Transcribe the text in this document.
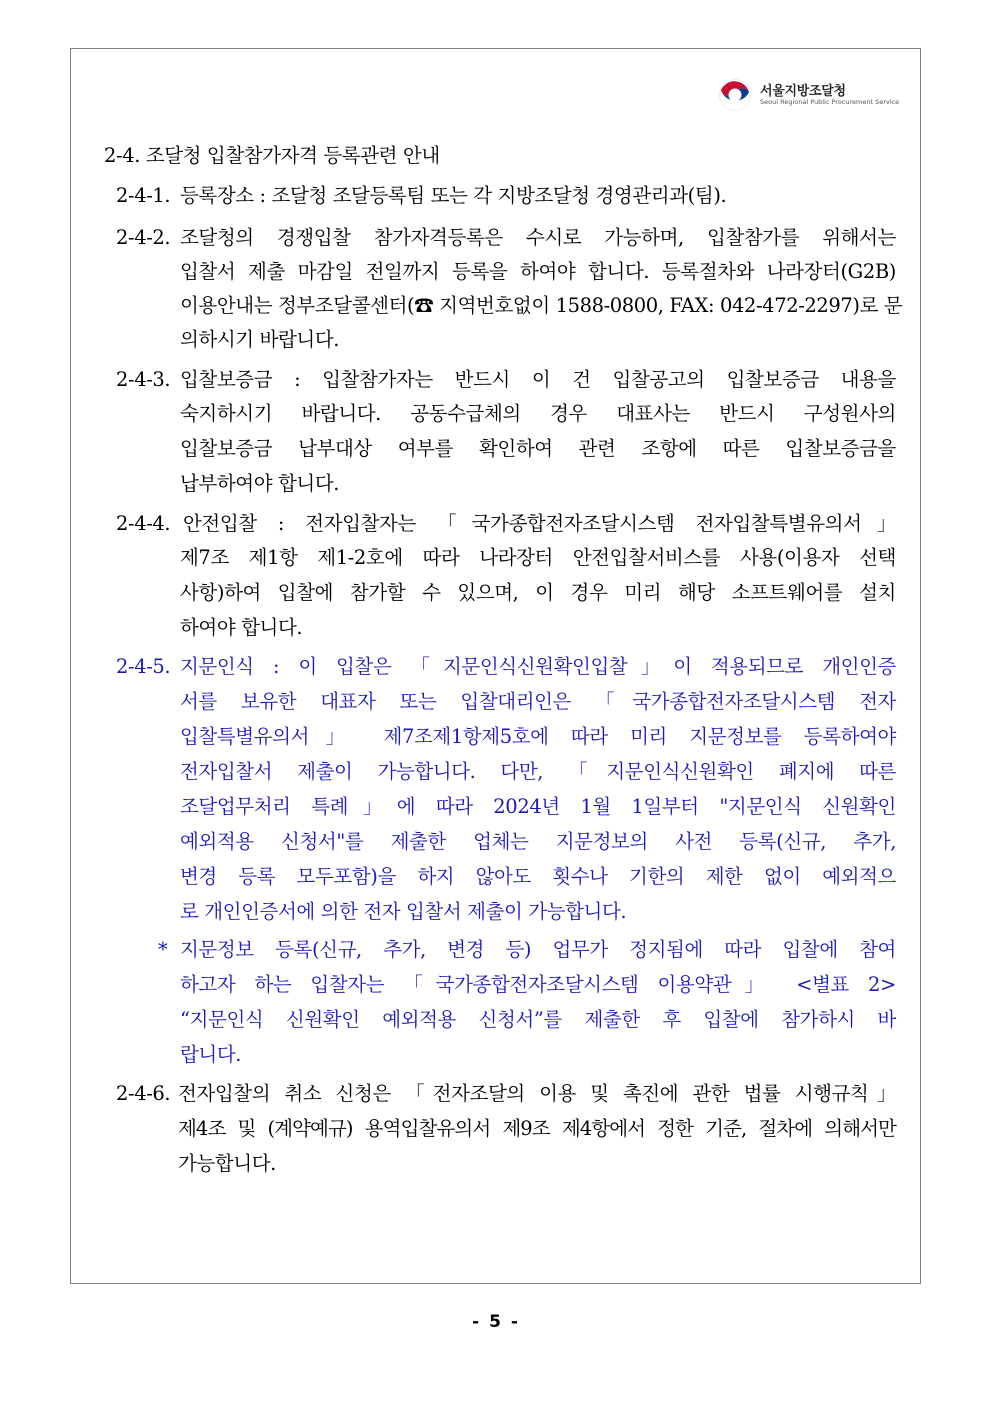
서울지방조달청
Seoul Regional Public Procurement Service
2-4. 조달청 입찰참가자격 등록관련 안내
2-4-1. 등록장소 : 조달청 조달등록팀 또는 각 지방조달청 경영관리과(팀).
2-4-2. 조달청의 경쟁입찰 참가자격등록은 수시로 가능하며, 입찰참가를 위해서는
입찰서 제출 마감일 전일까지 등록을 하여야 합니다. 등록절차와 나라장터(G2B)
이용안내는 정부조달콜센터(☎ 지역번호없이 1588-0800, FAX: 042-472-2297)로 문
의하시기 바랍니다.
2-4-3. 입찰보증금 : 입찰참가자는 반드시 이 건 입찰공고의 입찰보증금 내용을
숙지하시기 바랍니다. 공동수급체의 경우 대표사는 반드시 구성원사의
입찰보증금 납부대상 여부를 확인하여 관련 조항에 따른 입찰보증금을
납부하여야 합니다.
2-4-4. 안전입찰 : 전자입찰자는 「국가종합전자조달시스템 전자입찰특별유의서」
제7조 제1항 제1-2호에 따라 나라장터 안전입찰서비스를 사용(이용자 선택
사항)하여 입찰에 참가할 수 있으며, 이 경우 미리 해당 소프트웨어를 설치
하여야 합니다.
2-4-5. 지문인식 : 이 입찰은 「지문인식신원확인입찰」이 적용되므로 개인인증
서를 보유한 대표자 또는 입찰대리인은 「국가종합전자조달시스템 전자
입찰특별유의서」 제7조제1항제5호에 따라 미리 지문정보를 등록하여야
전자입찰서 제출이 가능합니다. 다만, 「지문인식신원확인 폐지에 따른
조달업무처리 특례」에 따라 2024년 1월 1일부터 "지문인식 신원확인
예외적용 신청서"를 제출한 업체는 지문정보의 사전 등록(신규, 추가,
변경 등록 모두포함)을 하지 않아도 횟수나 기한의 제한 없이 예외적으
로 개인인증서에 의한 전자 입찰서 제출이 가능합니다.
* 지문정보 등록(신규, 추가, 변경 등) 업무가 정지됨에 따라 입찰에 참여
하고자 하는 입찰자는 「국가종합전자조달시스템 이용약관」 <별표 2>
“지문인식 신원확인 예외적용 신청서”를 제출한 후 입찰에 참가하시 바
랍니다.
2-4-6. 전자입찰의 취소 신청은 「전자조달의 이용 및 촉진에 관한 법률 시행규칙」
제4조 및 (계약예규) 용역입찰유의서 제9조 제4항에서 정한 기준, 절차에 의해서만
가능합니다.
- 5 -
